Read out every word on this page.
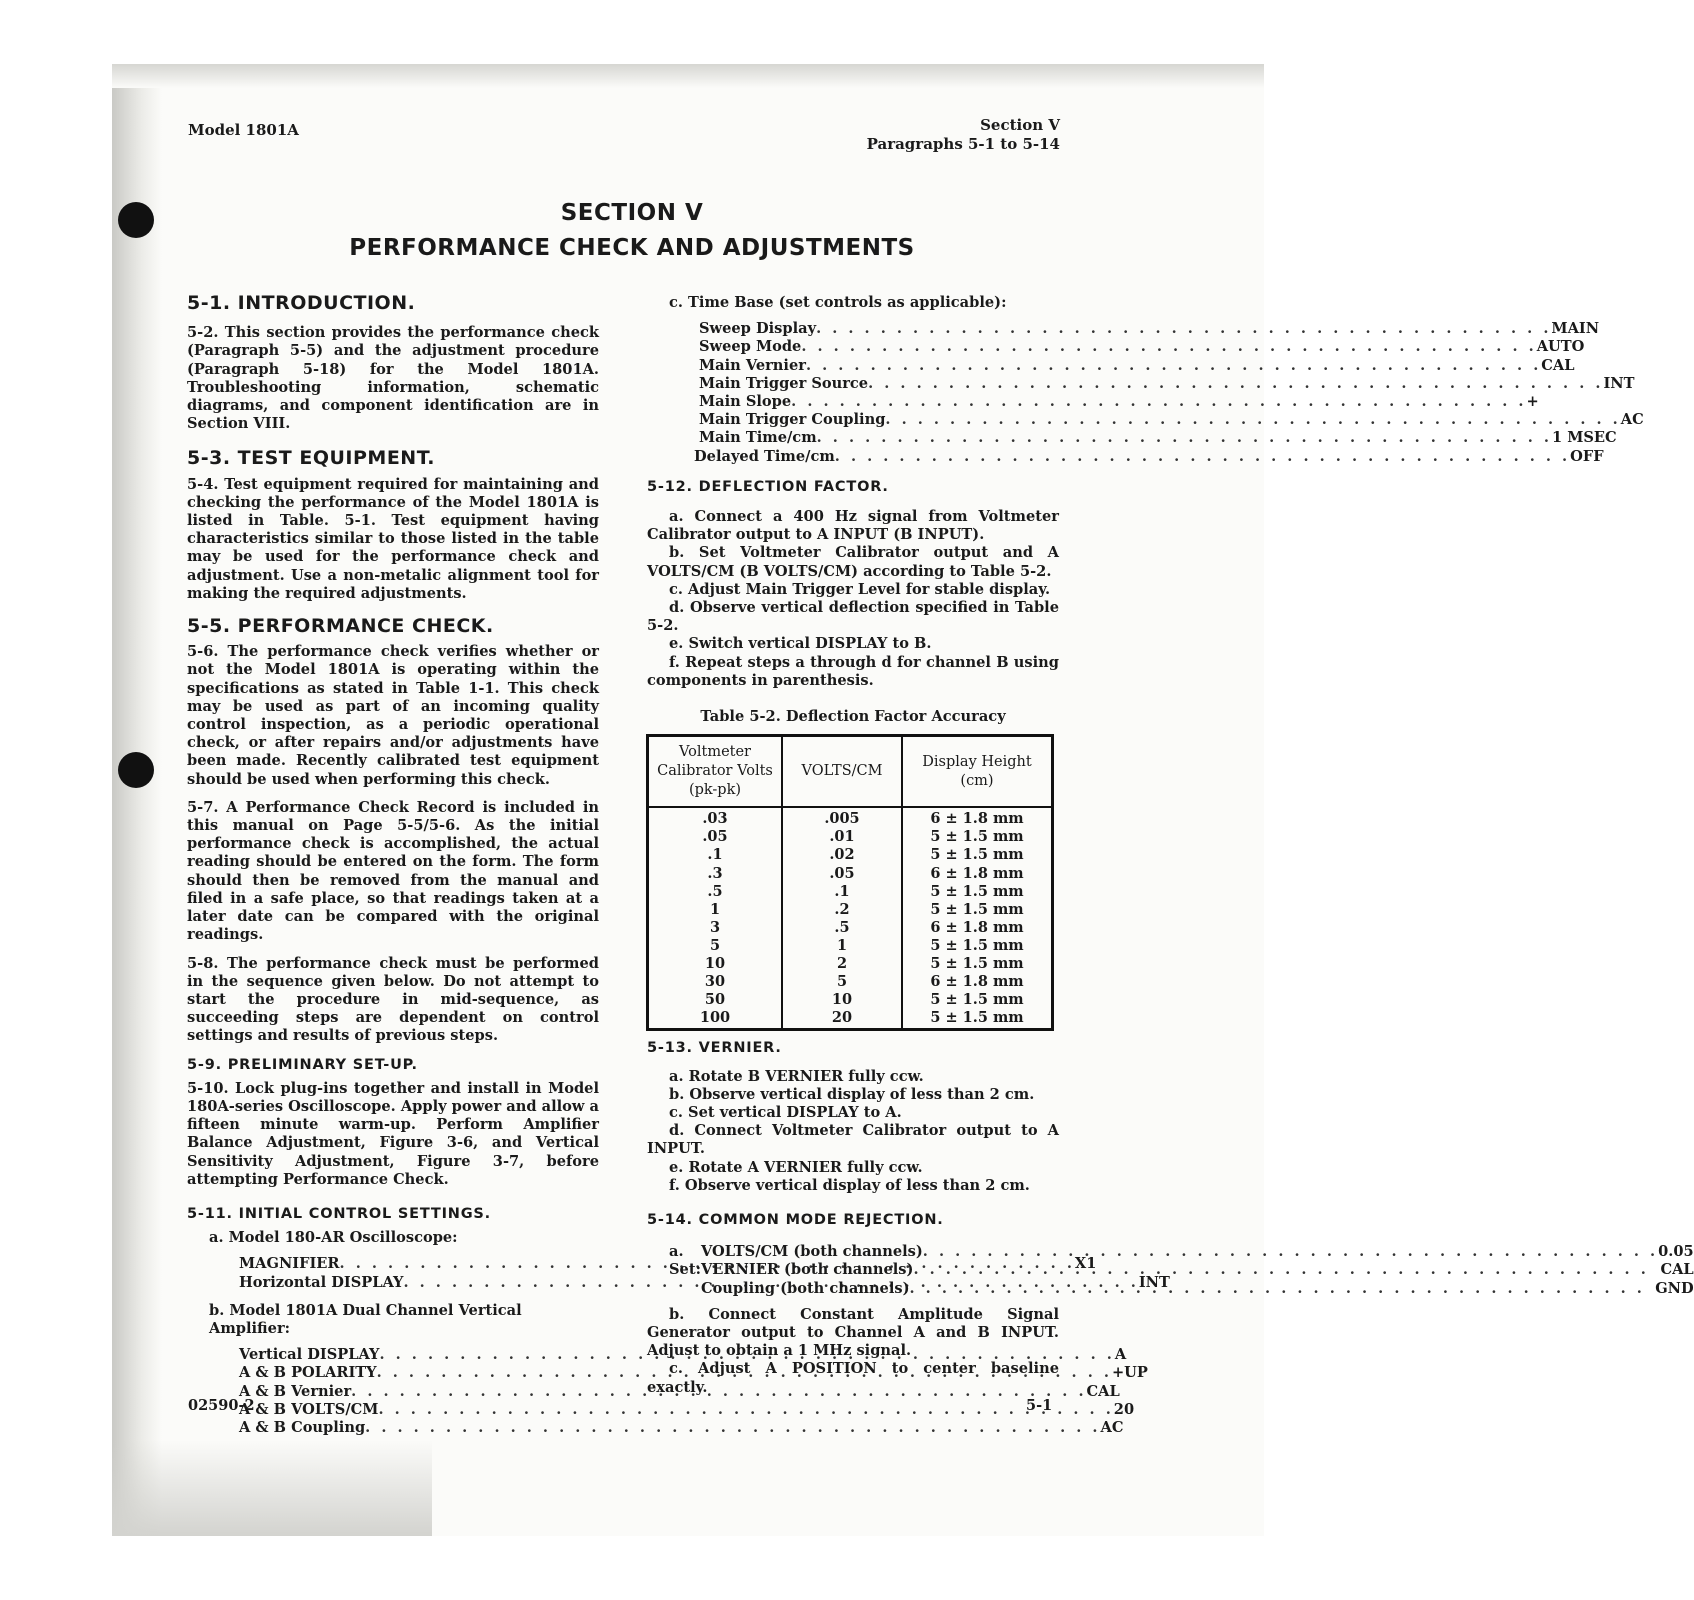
Model 1801A	Section V
Paragraphs 5-1 to 5-14
SECTION V
PERFORMANCE CHECK AND ADJUSTMENTS
5-1. INTRODUCTION.

5-2. This section provides the performance check (Paragraph 5-5) and the adjustment procedure (Paragraph 5-18) for the Model 1801A. Troubleshooting information, schematic diagrams, and component identification are in Section VIII.

5-3. TEST EQUIPMENT.

5-4. Test equipment required for maintaining and checking the performance of the Model 1801A is listed in Table. 5-1. Test equipment having characteristics similar to those listed in the table may be used for the performance check and adjustment. Use a non-metalic alignment tool for making the required adjustments.

5-5. PERFORMANCE CHECK.

5-6. The performance check verifies whether or not the Model 1801A is operating within the specifications as stated in Table 1-1. This check may be used as part of an incoming quality control inspection, as a periodic operational check, or after repairs and/or adjustments have been made. Recently calibrated test equipment should be used when performing this check.

5-7. A Performance Check Record is included in this manual on Page 5-5/5-6. As the initial performance check is accomplished, the actual reading should be entered on the form. The form should then be removed from the manual and filed in a safe place, so that readings taken at a later date can be compared with the original readings.

5-8. The performance check must be performed in the sequence given below. Do not attempt to start the procedure in mid-sequence, as succeeding steps are dependent on control settings and results of previous steps.

5-9. PRELIMINARY SET-UP.

5-10. Lock plug-ins together and install in Model 180A-series Oscilloscope. Apply power and allow a fifteen minute warm-up. Perform Amplifier Balance Adjustment, Figure 3-6, and Vertical Sensitivity Adjustment, Figure 3-7, before attempting Performance Check.

5-11. INITIAL CONTROL SETTINGS.
a. Model 180-AR Oscilloscope:
MAGNIFIER . . .	X1
Horizontal DISPLAY . . .	INT
b. Model 1801A Dual Channel Vertical Amplifier:
Vertical DISPLAY . . .	A
A & B POLARITY . . .	+UP
A & B Vernier . . .	CAL
A & B VOLTS/CM . . .	20
A & B Coupling . . .	AC
c. Time Base (set controls as applicable):
Sweep Display . . .	MAIN
Sweep Mode . . .	AUTO
Main Vernier . . .	CAL
Main Trigger Source . . .	INT
Main Slope . . .	+
Main Trigger Coupling . . .	AC
Main Time/cm . . .	1 MSEC
Delayed Time/cm . . .	OFF
5-12. DEFLECTION FACTOR.

a. Connect a 400 Hz signal from Voltmeter Calibrator output to A INPUT (B INPUT).

b. Set Voltmeter Calibrator output and A VOLTS/CM (B VOLTS/CM) according to Table 5-2.

c. Adjust Main Trigger Level for stable display.

d. Observe vertical deflection specified in Table 5-2.

e. Switch vertical DISPLAY to B.

f. Repeat steps a through d for channel B using components in parenthesis.

Table 5-2. Deflection Factor Accuracy
Voltmeter Calibrator Volts (pk-pk)	VOLTS/CM	Display Height (cm)
.03	.005	6 ± 1.8 mm
.05	.01	5 ± 1.5 mm
.1	.02	5 ± 1.5 mm
.3	.05	6 ± 1.8 mm
.5	.1	5 ± 1.5 mm
1	.2	5 ± 1.5 mm
3	.5	6 ± 1.8 mm
5	1	5 ± 1.5 mm
10	2	5 ± 1.5 mm
30	5	6 ± 1.8 mm
50	10	5 ± 1.5 mm
100	20	5 ± 1.5 mm
5-13. VERNIER.

a. Rotate B VERNIER fully ccw.

b. Observe vertical display of less than 2 cm.

c. Set vertical DISPLAY to A.

d. Connect Voltmeter Calibrator output to A INPUT.

e. Rotate A VERNIER fully ccw.

f. Observe vertical display of less than 2 cm.

5-14. COMMON MODE REJECTION.
a. Set:
VOLTS/CM (both channels) . . .	0.05
VERNIER (both channels) . . .	CAL
Coupling (both channels) . . .	GND

b. Connect Constant Amplitude Signal Generator output to Channel A and B INPUT. Adjust to obtain a 1 MHz signal.

c. Adjust A POSITION to center baseline exactly.

02590-2	5-1
